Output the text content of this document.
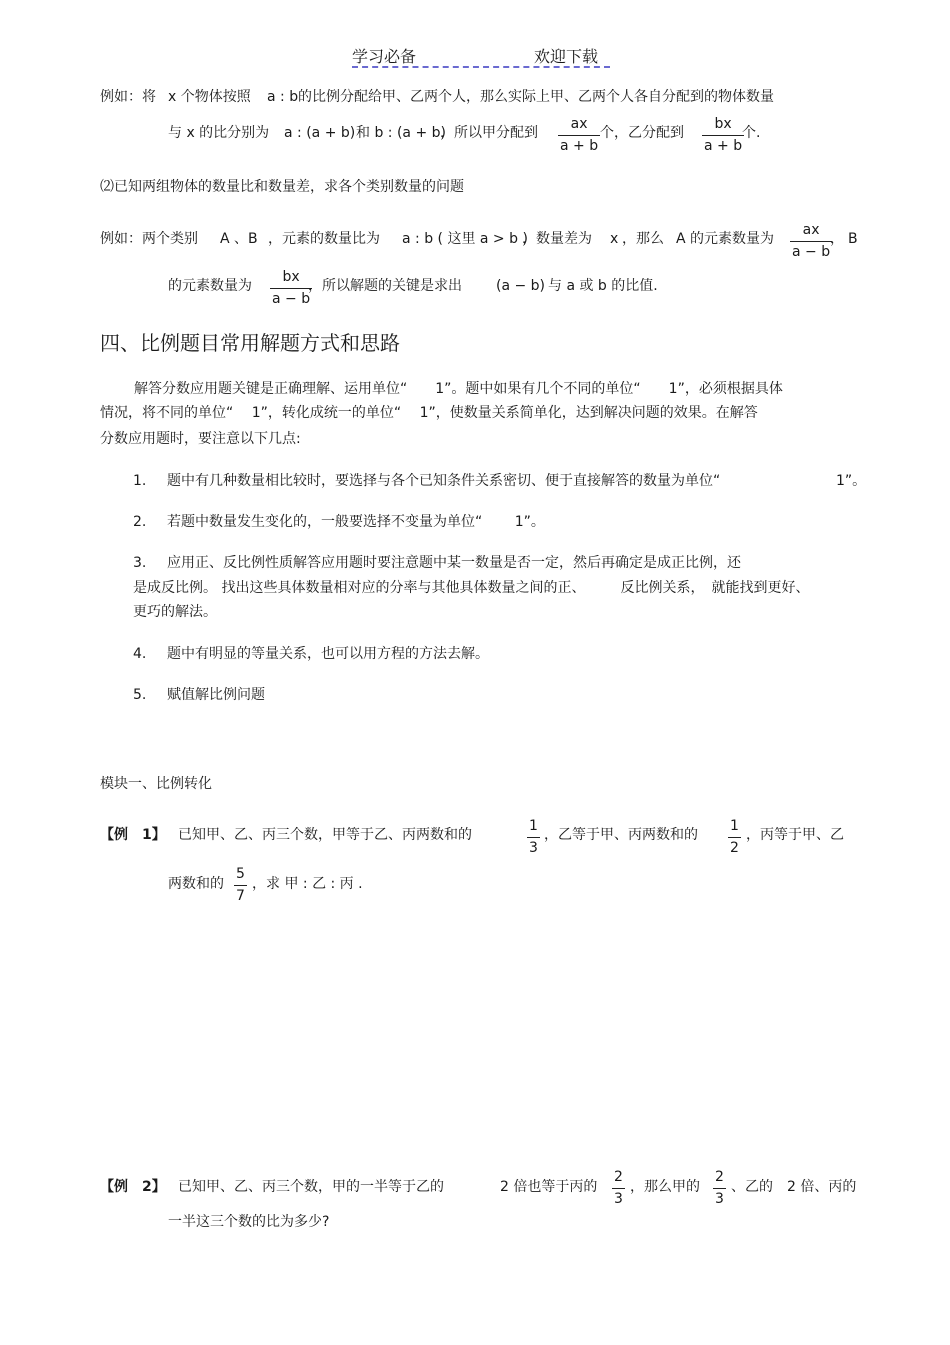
学习必备	欢迎下载
例如：将 x 个物体按照 a : b 的比例分配给甲、乙两个人，那么实际上甲、乙两个人各自分配到的物体数量
与 x 的比分别为 a : (a + b) 和 b : (a + b)
，所以甲分配到
ax
a + b
个，乙分配到
bx
a + b
个.
⑵已知两组物体的数量比和数量差，求各个类别数量的问题
例如：两个类别 A 、B ，元素的数量比为 a : b ( 这里 a > b )
，数量差为 x ，那么 A 的元素数量为
ax
a − b
， B
的元素数量为
bx
a − b
，所以解题的关键是求出 (a − b) 与 a 或 b 的比值.
四、比例题目常用解题方式和思路
解答分数应用题关键是正确理解、运用单位“　　1”。题中如果有几个不同的单位“　　1”，必须根据具体
情况，将不同的单位“　 1”，转化成统一的单位“　 1”，使数量关系简单化，达到解决问题的效果。在解答
分数应用题时，要注意以下几点:
1. 题中有几种数量相比较时，要选择与各个已知条件关系密切、便于直接解答的数量为单位“	1”。
2. 若题中数量发生变化的，一般要选择不变量为单位“　　 1”。
3. 应用正、反比例性质解答应用题时要注意题中某一数量是否一定，然后再确定是成正比例，还
是成反比例。 找出这些具体数量相对应的分率与其他具体数量之间的正、　　　反比例关系，　就能找到更好、
更巧的解法。
4. 题中有明显的等量关系，也可以用方程的方法去解。
5. 赋值解比例问题
模块一、比例转化
【例　1】 已知甲、乙、丙三个数，甲等于乙、丙两数和的
1
3
，乙等于甲、丙两数和的
1
2
，丙等于甲、乙
两数和的
5
7
，求 甲 : 乙 : 丙 .
【例　2】 已知甲、乙、丙三个数，甲的一半等于乙的	2 倍也等于丙的
2
3
，那么甲的
2
3
、乙的　2 倍、丙的
一半这三个数的比为多少?
